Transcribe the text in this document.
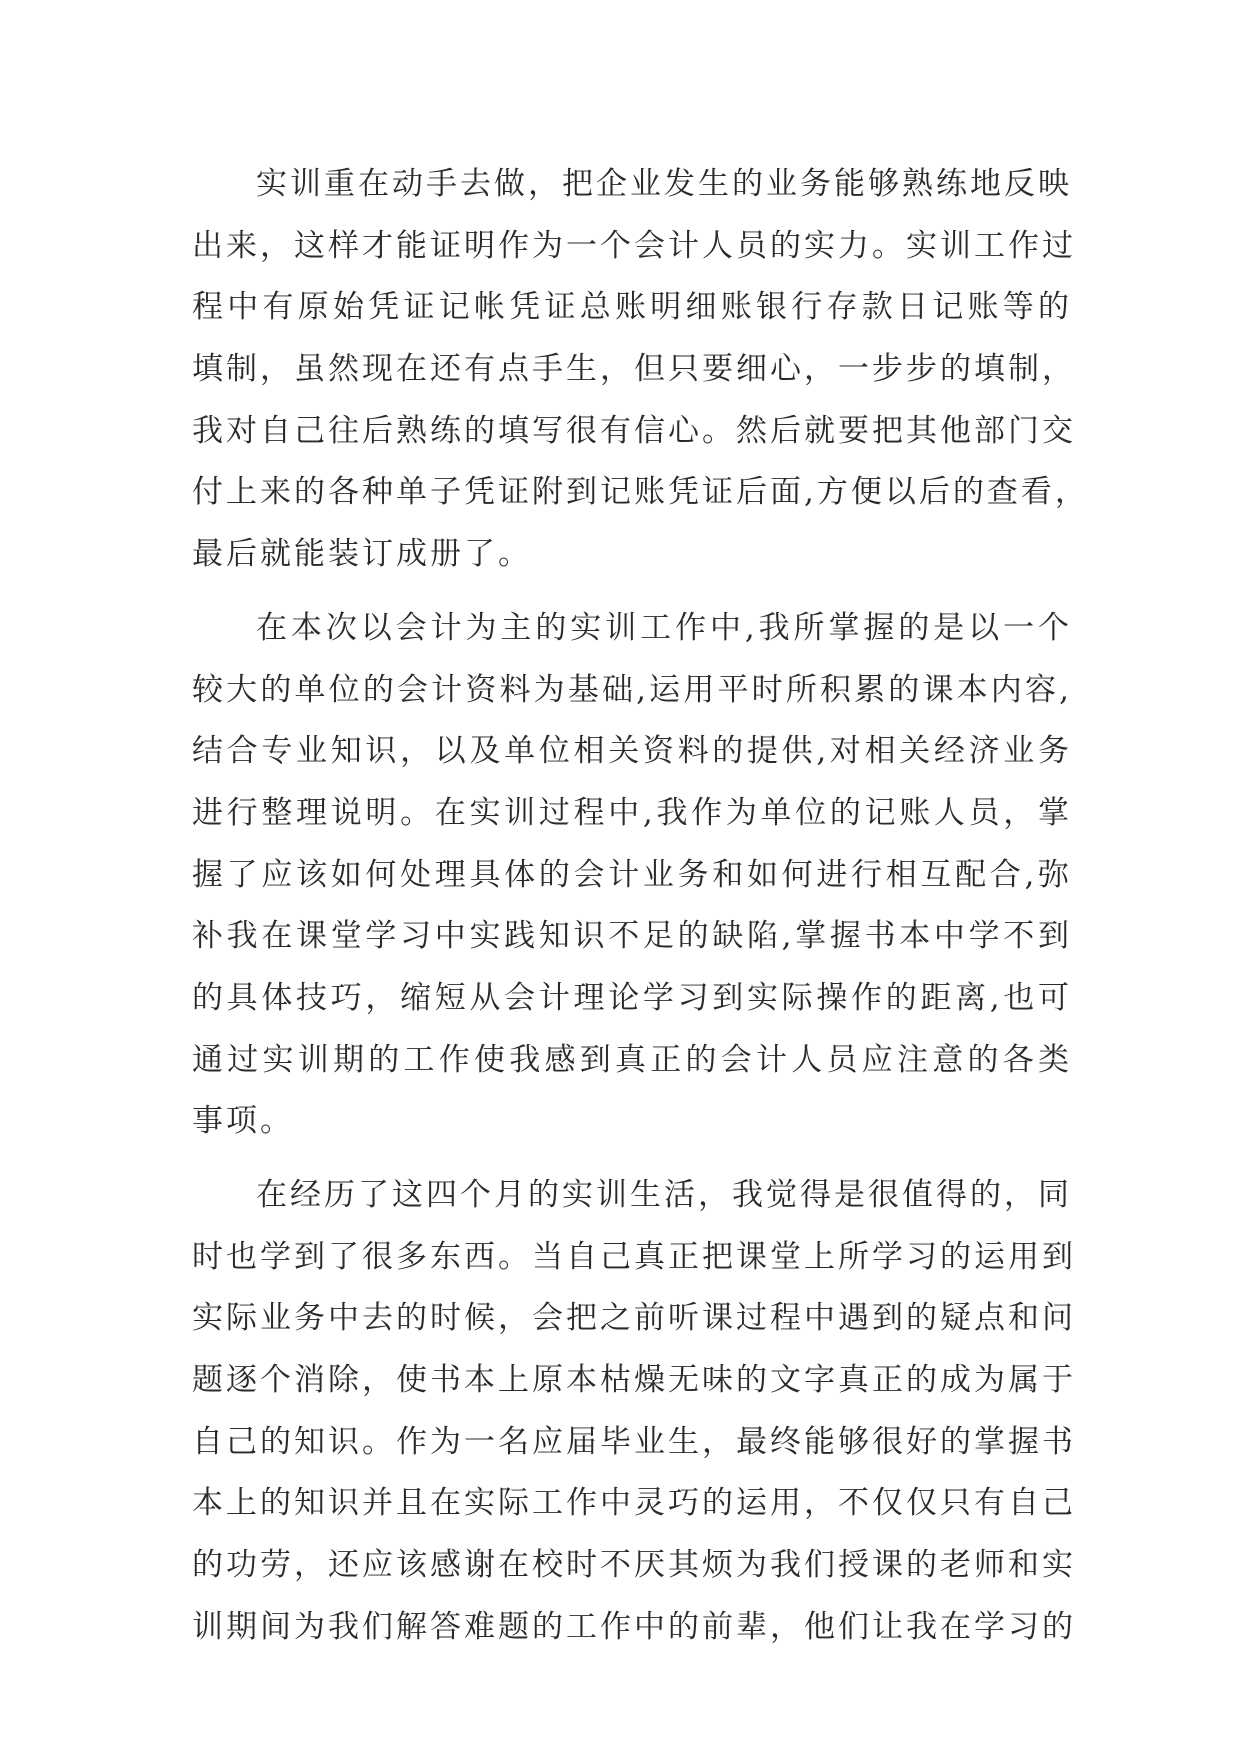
实训重在动手去做，把企业发生的业务能够熟练地反映
出来，这样才能证明作为一个会计人员的实力。实训工作过
程中有原始凭证记帐凭证总账明细账银行存款日记账等的
填制，虽然现在还有点手生，但只要细心，一步步的填制，
我对自己往后熟练的填写很有信心。然后就要把其他部门交
付上来的各种单子凭证附到记账凭证后面,方便以后的查看，
最后就能装订成册了。
在本次以会计为主的实训工作中,我所掌握的是以一个
较大的单位的会计资料为基础,运用平时所积累的课本内容,
结合专业知识，以及单位相关资料的提供,对相关经济业务
进行整理说明。在实训过程中,我作为单位的记账人员，掌
握了应该如何处理具体的会计业务和如何进行相互配合,弥
补我在课堂学习中实践知识不足的缺陷,掌握书本中学不到
的具体技巧，缩短从会计理论学习到实际操作的距离,也可
通过实训期的工作使我感到真正的会计人员应注意的各类
事项。
在经历了这四个月的实训生活，我觉得是很值得的，同
时也学到了很多东西。当自己真正把课堂上所学习的运用到
实际业务中去的时候，会把之前听课过程中遇到的疑点和问
题逐个消除，使书本上原本枯燥无味的文字真正的成为属于
自己的知识。作为一名应届毕业生，最终能够很好的掌握书
本上的知识并且在实际工作中灵巧的运用，不仅仅只有自己
的功劳，还应该感谢在校时不厌其烦为我们授课的老师和实
训期间为我们解答难题的工作中的前辈，他们让我在学习的
